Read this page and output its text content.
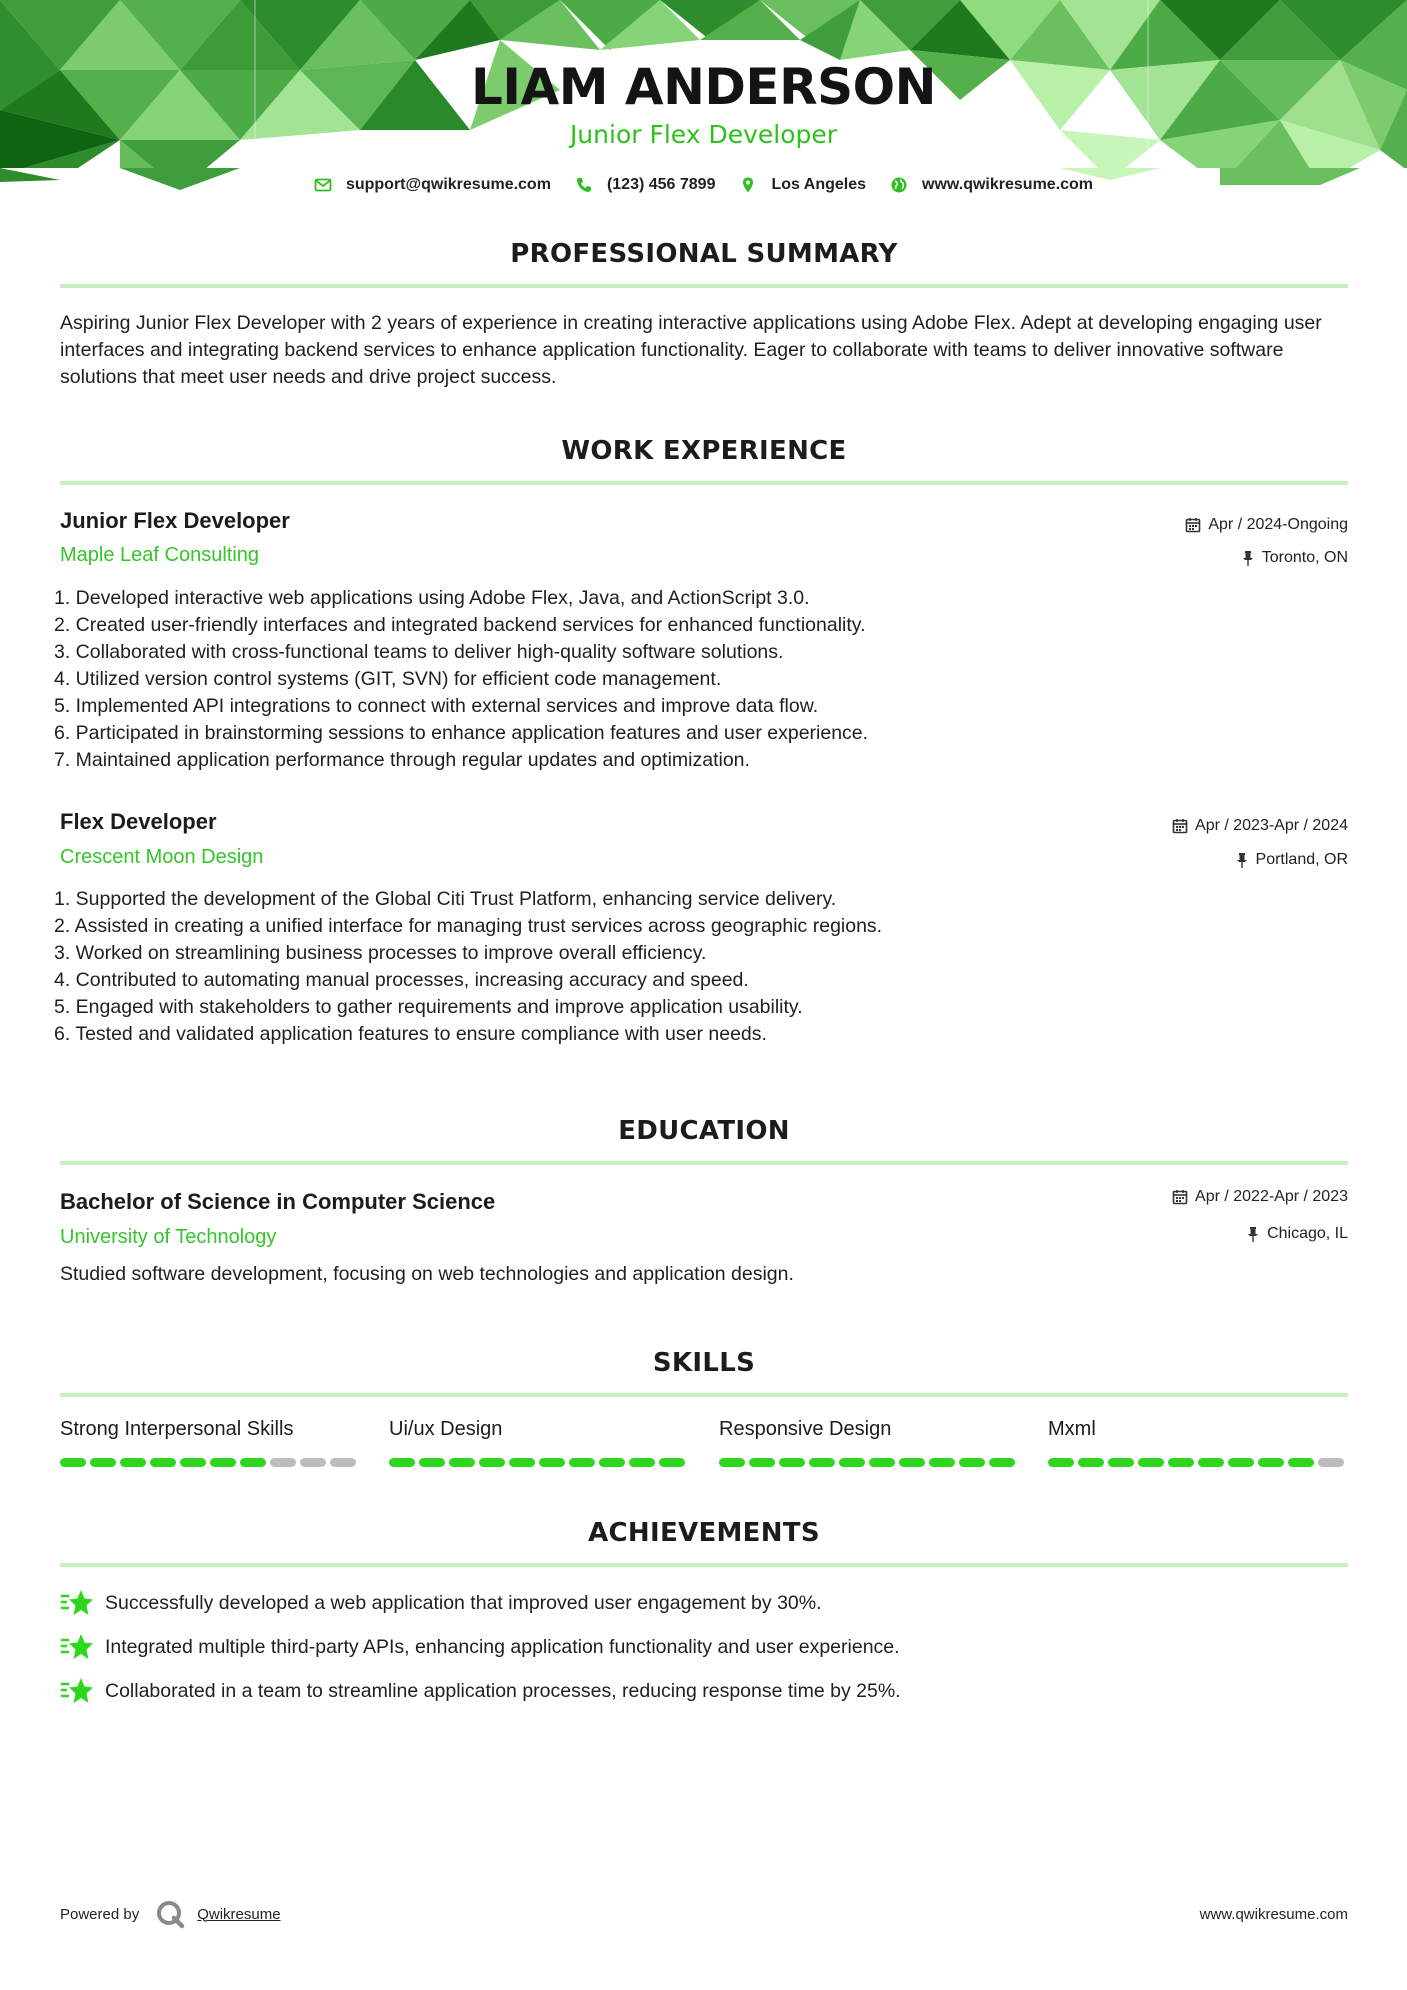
LIAM ANDERSON
Junior Flex Developer
support@qwikresume.com	(123) 456 7899	Los Angeles	www.qwikresume.com
PROFESSIONAL SUMMARY

Aspiring Junior Flex Developer with 2 years of experience in creating interactive applications using Adobe Flex. Adept at developing engaging user interfaces and integrating backend services to enhance application functionality. Eager to collaborate with teams to deliver innovative software solutions that meet user needs and drive project success.

WORK EXPERIENCE
Junior Flex Developer
Maple Leaf Consulting
Apr / 2024-Ongoing
Toronto, ON
1. Developed interactive web applications using Adobe Flex, Java, and ActionScript 3.0.
2. Created user-friendly interfaces and integrated backend services for enhanced functionality.
3. Collaborated with cross-functional teams to deliver high-quality software solutions.
4. Utilized version control systems (GIT, SVN) for efficient code management.
5. Implemented API integrations to connect with external services and improve data flow.
6. Participated in brainstorming sessions to enhance application features and user experience.
7. Maintained application performance through regular updates and optimization.
Flex Developer
Crescent Moon Design
Apr / 2023-Apr / 2024
Portland, OR
1. Supported the development of the Global Citi Trust Platform, enhancing service delivery.
2. Assisted in creating a unified interface for managing trust services across geographic regions.
3. Worked on streamlining business processes to improve overall efficiency.
4. Contributed to automating manual processes, increasing accuracy and speed.
5. Engaged with stakeholders to gather requirements and improve application usability.
6. Tested and validated application features to ensure compliance with user needs.
EDUCATION
Bachelor of Science in Computer Science
University of Technology
Apr / 2022-Apr / 2023
Chicago, IL

Studied software development, focusing on web technologies and application design.

SKILLS
Strong Interpersonal Skills	Ui/ux Design	Responsive Design	Mxml
ACHIEVEMENTS
Successfully developed a web application that improved user engagement by 30%.
Integrated multiple third-party APIs, enhancing application functionality and user experience.
Collaborated in a team to streamline application processes, reducing response time by 25%.
Powered by	Qwikresume	www.qwikresume.com
